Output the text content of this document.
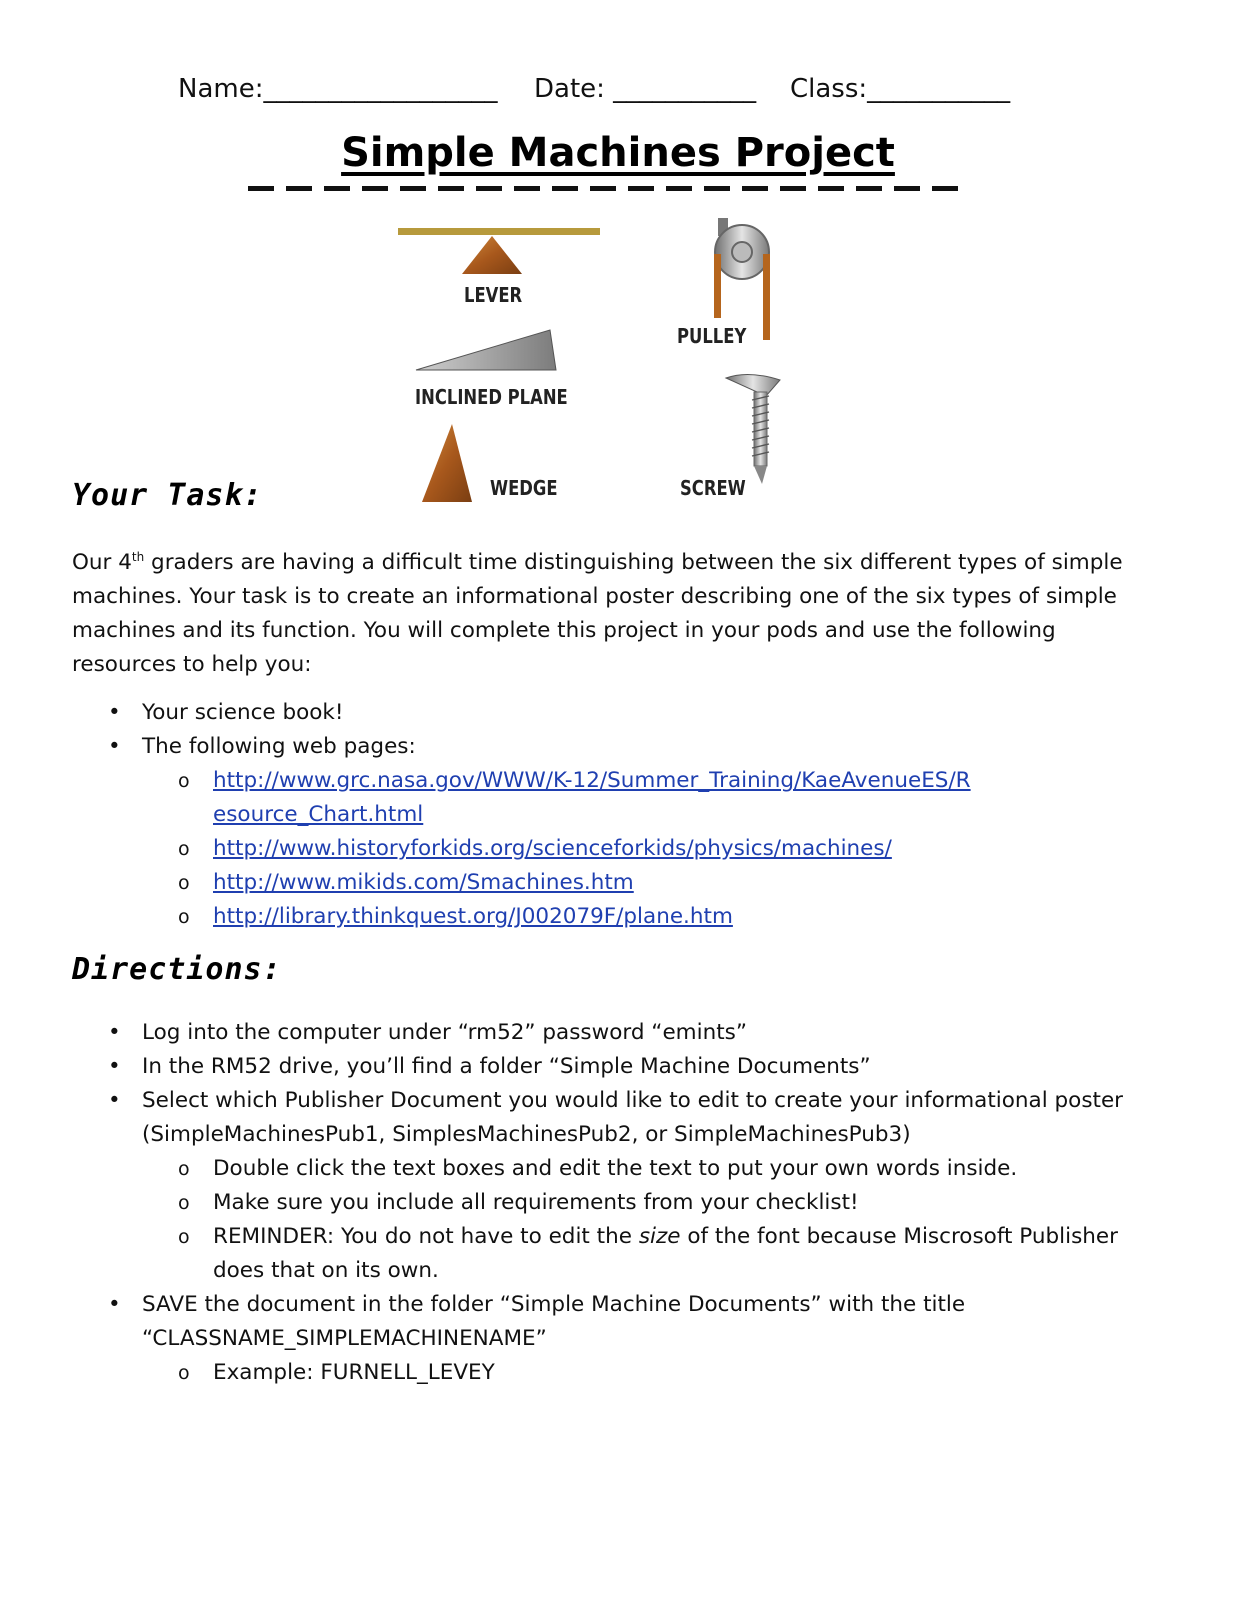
Name:__________________ Date: ___________ Class:___________
Simple Machines Project
LEVER
PULLEY
INCLINED PLANE
WEDGE	SCREW
Your Task:
Our 4th graders are having a difficult time distinguishing between the six different types of simple machines. Your task is to create an informational poster describing one of the six types of simple machines and its function. You will complete this project in your pods and use the following resources to help you:
• Your science book!
• The following web pages:
o http://www.grc.nasa.gov/WWW/K-12/Summer_Training/KaeAvenueES/Resource_Chart.html
o http://www.historyforkids.org/scienceforkids/physics/machines/
o http://www.mikids.com/Smachines.htm
o http://library.thinkquest.org/J002079F/plane.htm
Directions:
• Log into the computer under “rm52” password “emints”
• In the RM52 drive, you’ll find a folder “Simple Machine Documents”
• Select which Publisher Document you would like to edit to create your informational poster (SimpleMachinesPub1, SimplesMachinesPub2, or SimpleMachinesPub3)
o Double click the text boxes and edit the text to put your own words inside.
o Make sure you include all requirements from your checklist!
o REMINDER: You do not have to edit the size of the font because Miscrosoft Publisher does that on its own.
• SAVE the document in the folder “Simple Machine Documents” with the title “CLASSNAME_SIMPLEMACHINENAME”
o Example: FURNELL_LEVEY
